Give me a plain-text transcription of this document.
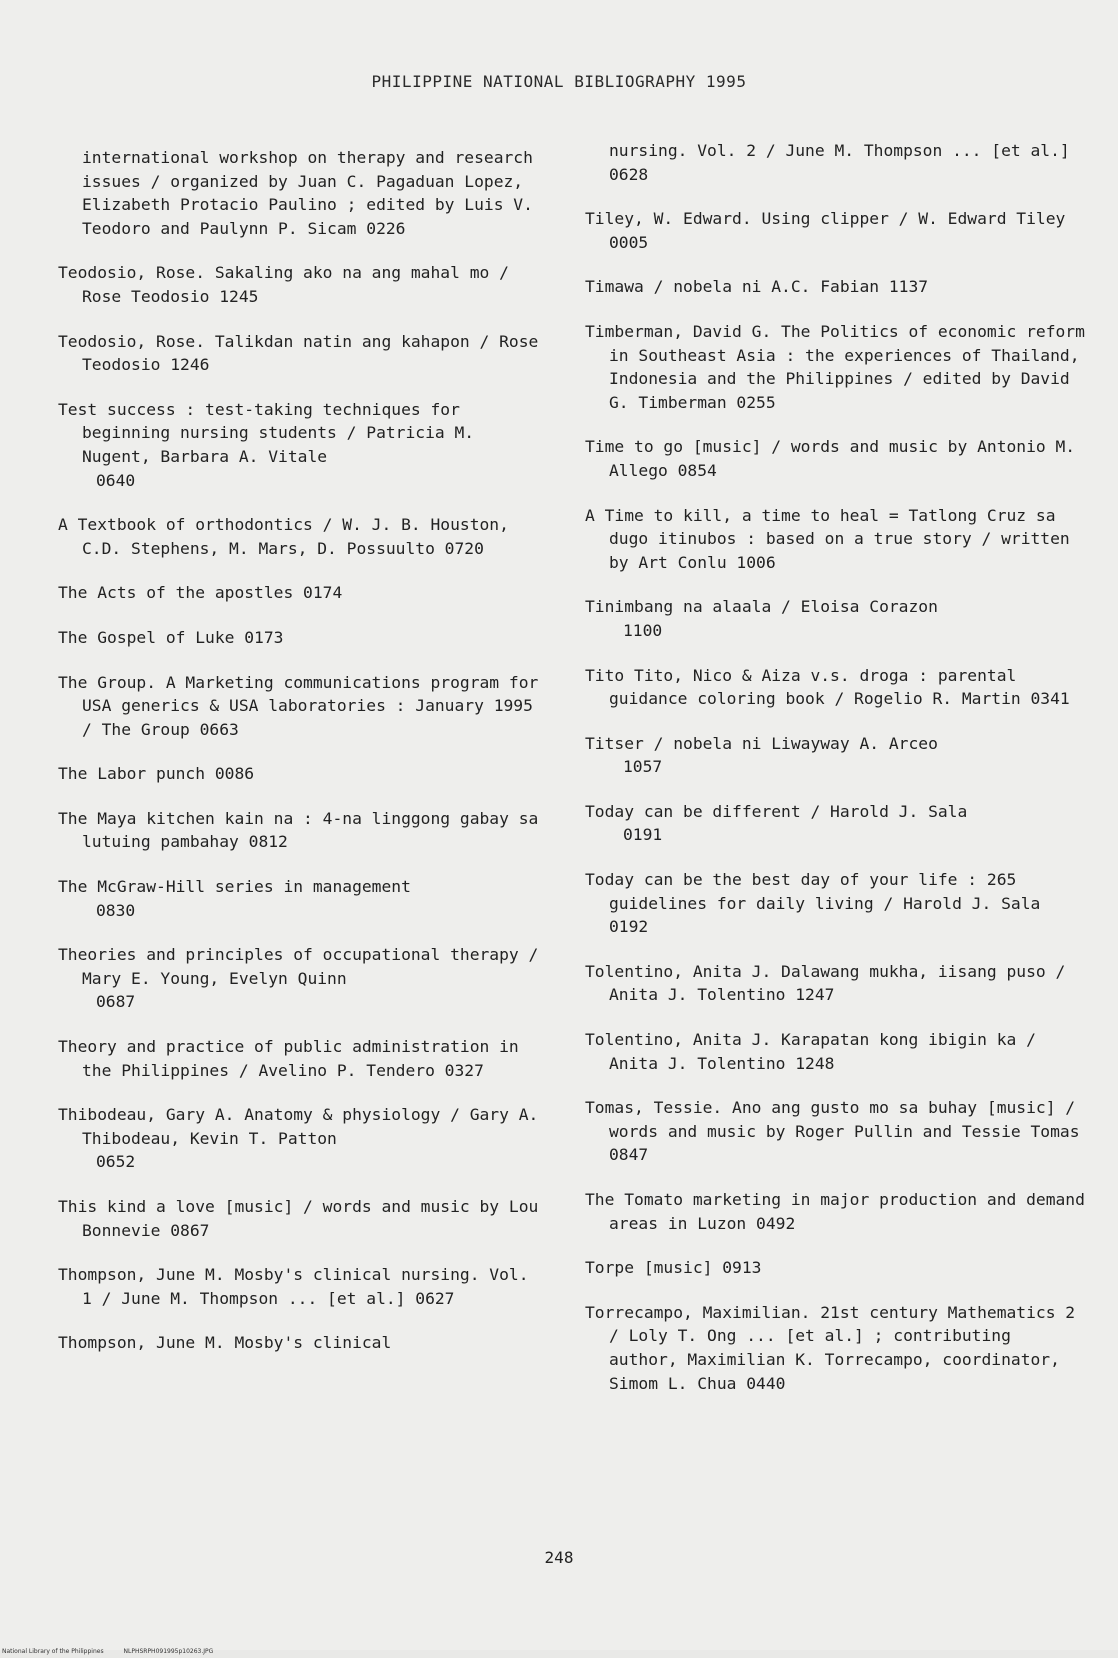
PHILIPPINE NATIONAL BIBLIOGRAPHY 1995
international workshop on therapy and research issues / organized by Juan C. Pagaduan Lopez, Elizabeth Protacio Paulino ; edited by Luis V. Teodoro and Paulynn P. Sicam 0226
Teodosio, Rose. Sakaling ako na ang mahal mo / Rose Teodosio 1245
Teodosio, Rose. Talikdan natin ang kahapon / Rose Teodosio 1246
Test success : test-taking techniques for beginning nursing students / Patricia M. Nugent, Barbara A. Vitale
0640
A Textbook of orthodontics / W. J. B. Houston, C.D. Stephens, M. Mars, D. Possuulto 0720
The Acts of the apostles 0174
The Gospel of Luke 0173
The Group. A Marketing communications program for USA generics & USA laboratories : January 1995 / The Group 0663
The Labor punch 0086
The Maya kitchen kain na : 4-na linggong gabay sa lutuing pambahay 0812
The McGraw-Hill series in management
0830
Theories and principles of occupational therapy / Mary E. Young, Evelyn Quinn
0687
Theory and practice of public administration in the Philippines / Avelino P. Tendero 0327
Thibodeau, Gary A. Anatomy & physiology / Gary A. Thibodeau, Kevin T. Patton
0652
This kind a love [music] / words and music by Lou Bonnevie 0867
Thompson, June M. Mosby's clinical nursing. Vol. 1 / June M. Thompson ... [et al.] 0627
Thompson, June M. Mosby's clinical
nursing. Vol. 2 / June M. Thompson ... [et al.] 0628
Tiley, W. Edward. Using clipper / W. Edward Tiley 0005
Timawa / nobela ni A.C. Fabian 1137
Timberman, David G. The Politics of economic reform in Southeast Asia : the experiences of Thailand, Indonesia and the Philippines / edited by David G. Timberman 0255
Time to go [music] / words and music by Antonio M. Allego 0854
A Time to kill, a time to heal = Tatlong Cruz sa dugo itinubos : based on a true story / written by Art Conlu 1006
Tinimbang na alaala / Eloisa Corazon
1100
Tito Tito, Nico & Aiza v.s. droga : parental guidance coloring book / Rogelio R. Martin 0341
Titser / nobela ni Liwayway A. Arceo
1057
Today can be different / Harold J. Sala
0191
Today can be the best day of your life : 265 guidelines for daily living / Harold J. Sala 0192
Tolentino, Anita J. Dalawang mukha, iisang puso / Anita J. Tolentino 1247
Tolentino, Anita J. Karapatan kong ibigin ka / Anita J. Tolentino 1248
Tomas, Tessie. Ano ang gusto mo sa buhay [music] / words and music by Roger Pullin and Tessie Tomas 0847
The Tomato marketing in major production and demand areas in Luzon 0492
Torpe [music] 0913
Torrecampo, Maximilian. 21st century Mathematics 2 / Loly T. Ong ... [et al.] ; contributing author, Maximilian K. Torrecampo, coordinator, Simom L. Chua 0440
248
National Library of the Philippines	NLPHSRPH091995p10263.JPG
